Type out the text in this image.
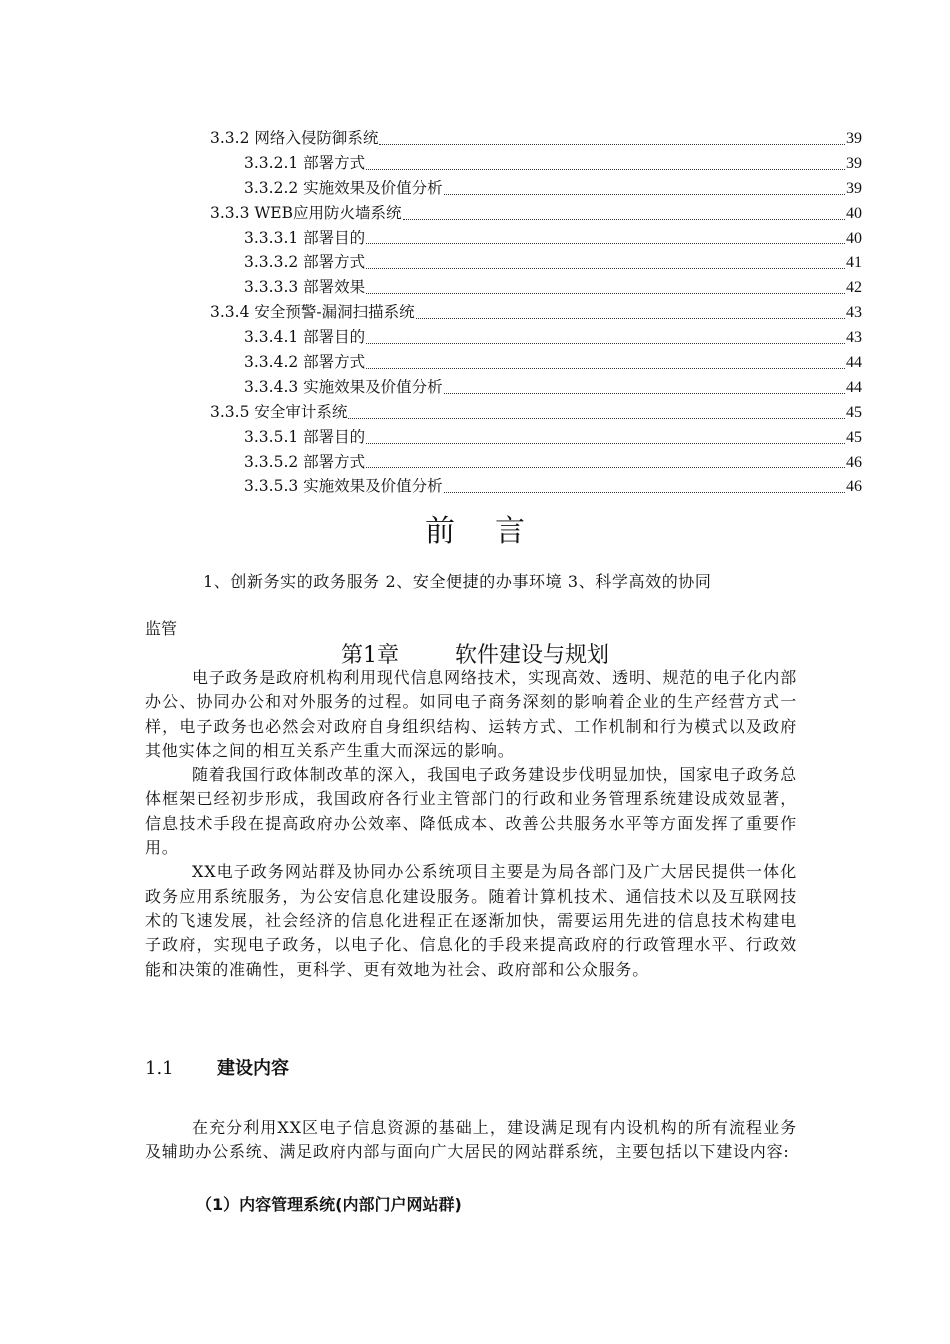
3.3.2 网络入侵防御系统	39
3.3.2.1 部署方式	39
3.3.2.2 实施效果及价值分析	39
3.3.3 WEB应用防火墙系统	40
3.3.3.1 部署目的	40
3.3.3.2 部署方式	41
3.3.3.3 部署效果	42
3.3.4 安全预警-漏洞扫描系统	43
3.3.4.1 部署目的	43
3.3.4.2 部署方式	44
3.3.4.3 实施效果及价值分析	44
3.3.5 安全审计系统	45
3.3.5.1 部署目的	45
3.3.5.2 部署方式	46
3.3.5.3 实施效果及价值分析	46
前言
1、创新务实的政务服务 2、安全便捷的办事环境 3、科学高效的协同
监管
第1章	软件建设与规划

电子政务是政府机构利用现代信息网络技术，实现高效、透明、规范的电子化内部办公、协同办公和对外服务的过程。如同电子商务深刻的影响着企业的生产经营方式一样，电子政务也必然会对政府自身组织结构、运转方式、工作机制和行为模式以及政府其他实体之间的相互关系产生重大而深远的影响。

随着我国行政体制改革的深入，我国电子政务建设步伐明显加快，国家电子政务总体框架已经初步形成，我国政府各行业主管部门的行政和业务管理系统建设成效显著，信息技术手段在提高政府办公效率、降低成本、改善公共服务水平等方面发挥了重要作用。

XX电子政务网站群及协同办公系统项目主要是为局各部门及广大居民提供一体化政务应用系统服务，为公安信息化建设服务。随着计算机技术、通信技术以及互联网技术的飞速发展，社会经济的信息化进程正在逐渐加快，需要运用先进的信息技术构建电子政府，实现电子政务，以电子化、信息化的手段来提高政府的行政管理水平、行政效能和决策的准确性，更科学、更有效地为社会、政府部和公众服务。

1.1 建设内容

在充分利用XX区电子信息资源的基础上，建设满足现有内设机构的所有流程业务及辅助办公系统、满足政府内部与面向广大居民的网站群系统，主要包括以下建设内容:

（1）内容管理系统(内部门户网站群)
